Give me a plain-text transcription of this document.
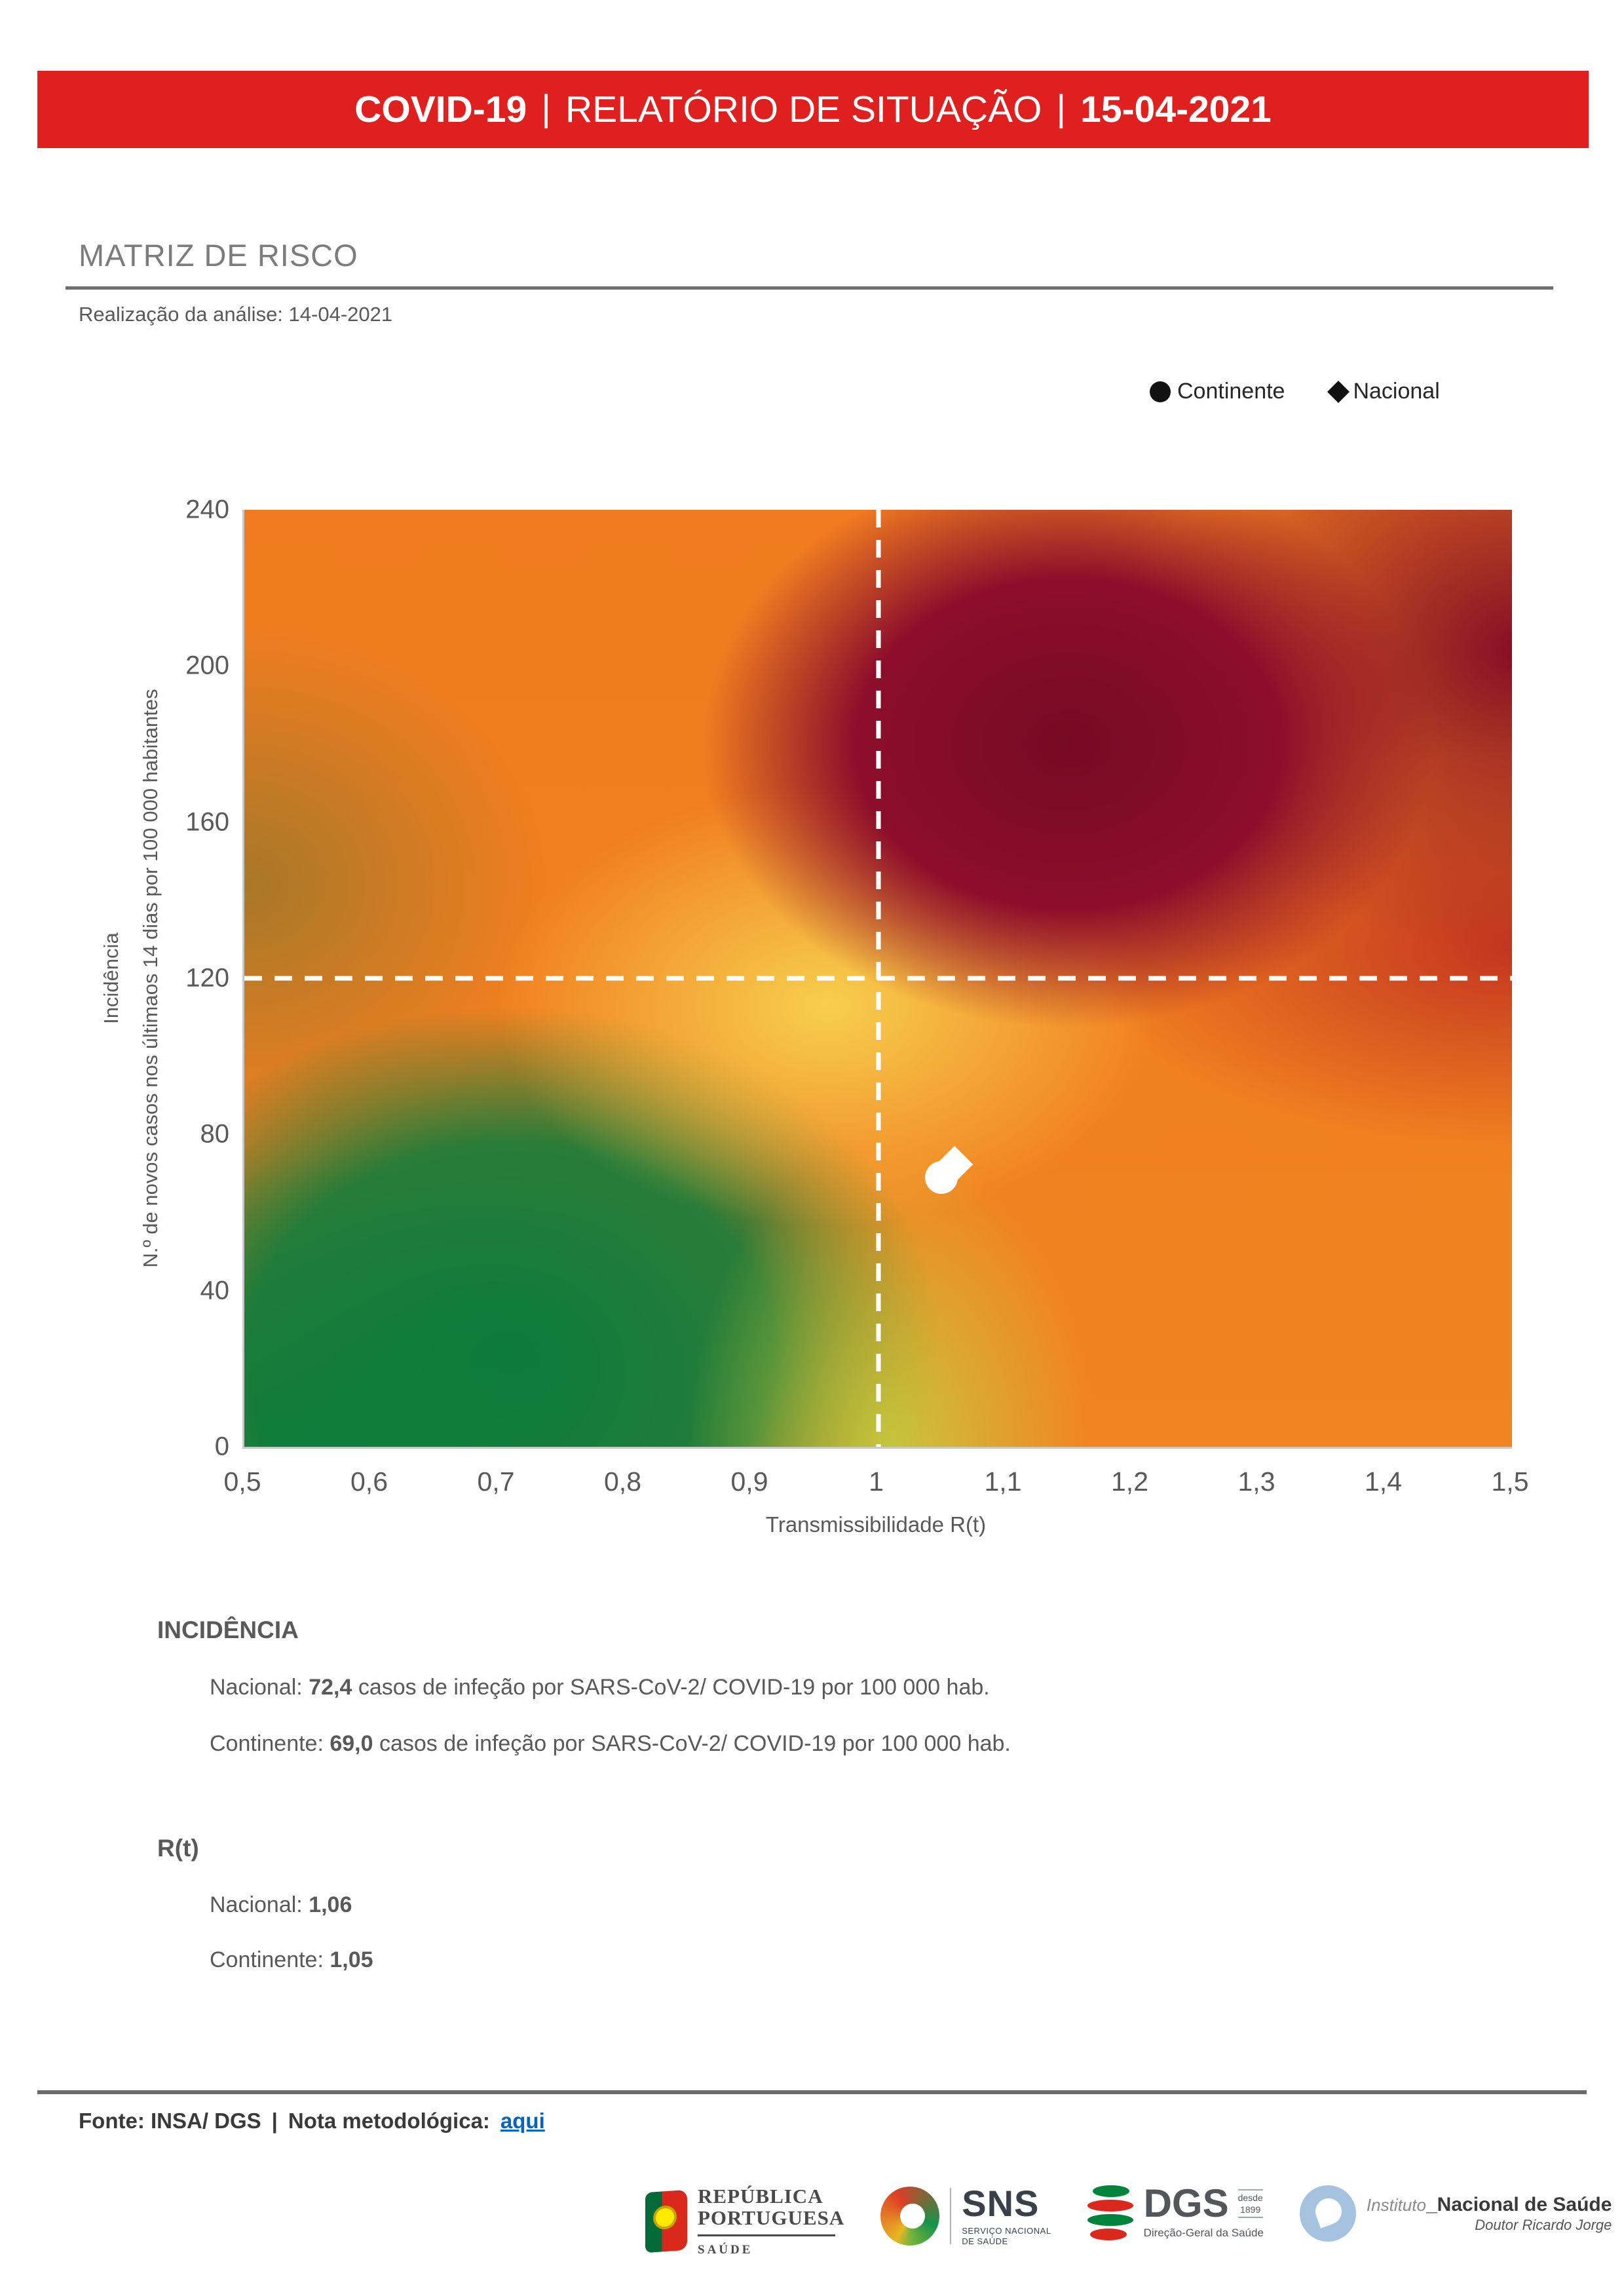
COVID-19 | RELATÓRIO DE SITUAÇÃO | 15-04-2021
MATRIZ DE RISCO
Realização da análise: 14-04-2021
Continente	Nacional
0
40
80
120
160
200
240
0,5	0,6	0,7	0,8	0,9	1	1,1	1,2	1,3	1,4	1,5
Incidência N.º de novos casos nos últimaos 14 dias por 100 000 habitantes
Transmissibilidade R(t)
INCIDÊNCIA
Nacional: 72,4 casos de infeção por SARS-CoV-2/ COVID-19 por 100 000 hab.
Continente: 69,0 casos de infeção por SARS-CoV-2/ COVID-19 por 100 000 hab.
R(t)
Nacional: 1,06
Continente: 1,05
Fonte: INSA/ DGS | Nota metodológica: aqui
REPÚBLICA
PORTUGUESA
SAÚDE
SNS
SERVIÇO NACIONAL
DE SAÚDE
DGS desde
1899
Direção-Geral da Saúde
Instituto_Nacional de Saúde
Doutor Ricardo Jorge
